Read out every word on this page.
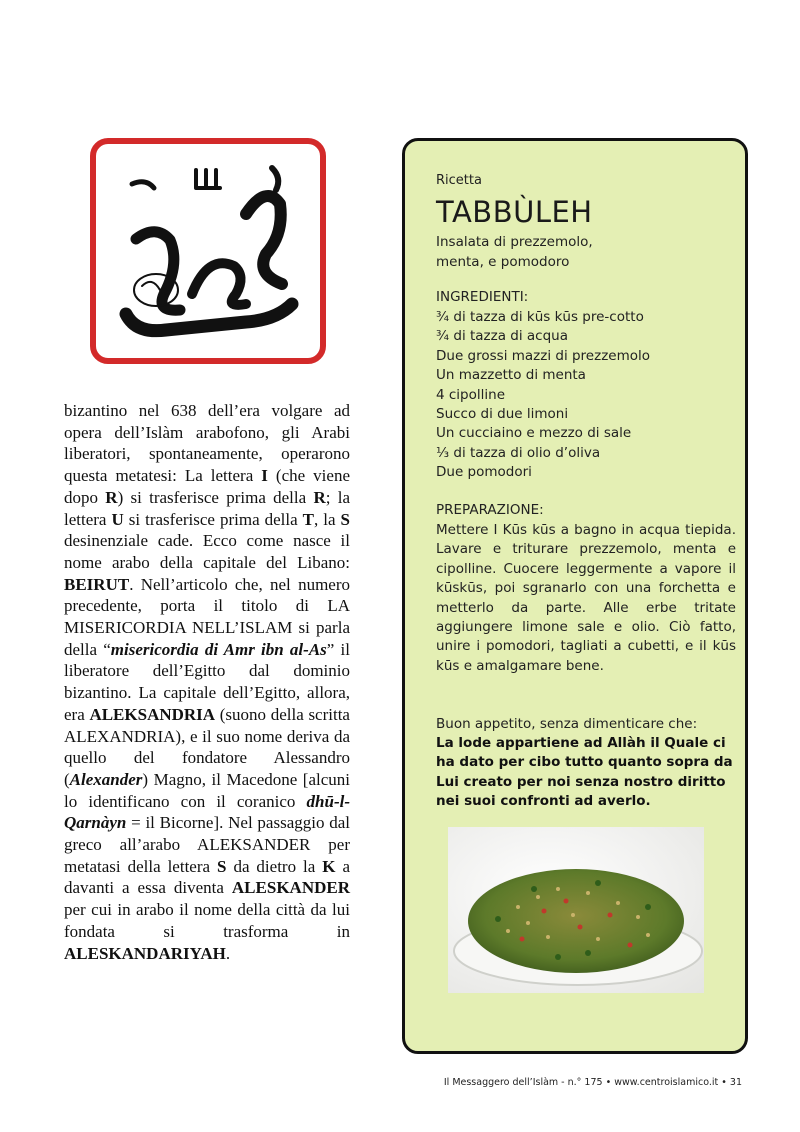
bizantino nel 638 dell’era volgare ad opera dell’Islàm arabofono, gli Arabi liberatori, spontaneamente, operarono questa metatesi: La lettera I (che viene dopo R) si trasferisce prima della R; la lettera U si trasferisce prima della T, la S desinenziale cade. Ecco come nasce il nome arabo della capitale del Libano: BEIRUT. Nell’articolo che, nel numero precedente, porta il titolo di LA MISERICORDIA NELL’ISLAM si parla della “misericordia di Amr ibn al-As” il liberatore dell’Egitto dal dominio bizantino. La capitale dell’Egitto, allora, era ALEKSANDRIA (suono della scritta ALEXANDRIA), e il suo nome deriva da quello del fondatore Alessandro (Alexander) Magno, il Macedone [alcuni lo identificano con il coranico dhū-l-Qarnàyn = il Bicorne]. Nel passaggio dal greco all’arabo ALEKSANDER per metatasi della lettera S da dietro la K a davanti a essa diventa ALESKANDER per cui in arabo il nome della città da lui fondata si trasforma in ALESKANDARIYAH.

Ricetta
TABBÙLEH
Insalata di prezzemolo,
menta, e pomodoro
INGREDIENTI:
¾ di tazza di kūs kūs pre-cotto
¾ di tazza di acqua
Due grossi mazzi di prezzemolo
Un mazzetto di menta
4 cipolline
Succo di due limoni
Un cucciaino e mezzo di sale
⅓ di tazza di olio d’oliva
Due pomodori
PREPARAZIONE:

Mettere I Kūs kūs a bagno in acqua tiepida. Lavare e triturare prezzemolo, menta e cipolline. Cuocere leggermente a vapore il kūskūs, poi sgranarlo con una forchetta e metterlo da parte. Alle erbe tritate aggiungere limone sale e olio. Ciò fatto, unire i pomodori, tagliati a cubetti, e il kūs kūs e amalgamare bene.

Buon appetito, senza dimenticare che:
La lode appartiene ad Allàh il Quale ci ha dato per cibo tutto quanto sopra da Lui creato per noi senza nostro diritto nei suoi confronti ad averlo.
Il Messaggero dell’Islàm - n.° 175 • www.centroislamico.it • 31
